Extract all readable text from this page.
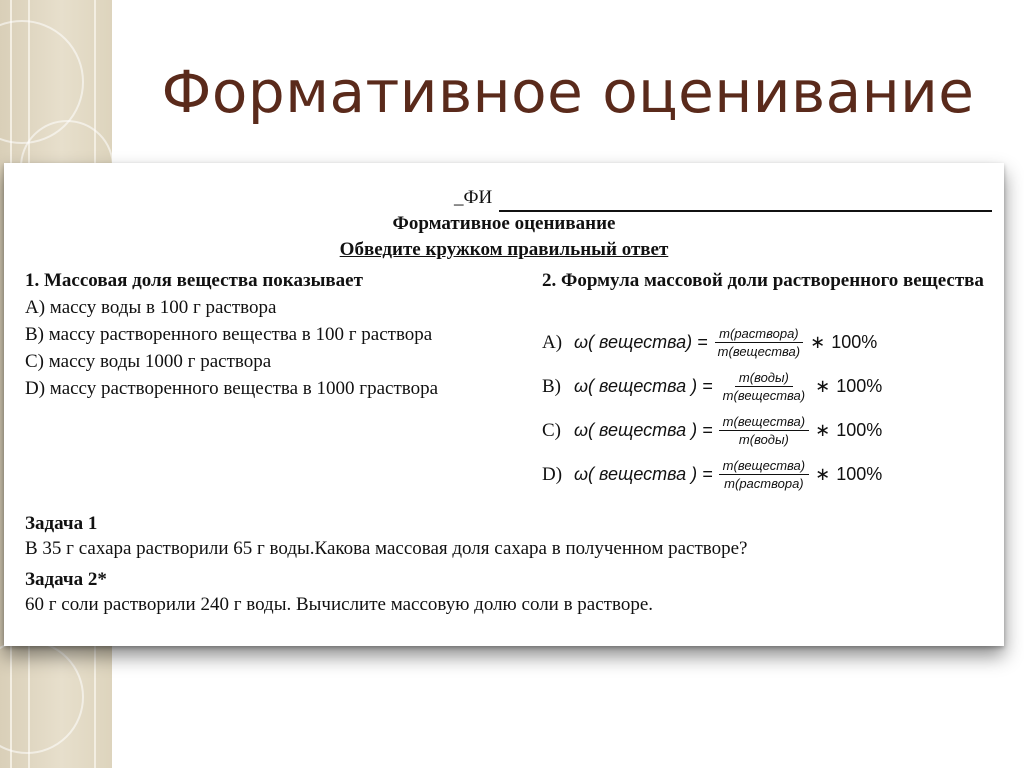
Формативное оценивание
_ФИ
Формативное оценивание
Обведите кружком правильный ответ
1. Массовая доля вещества показывает
А) массу воды в 100 г раствора
В) массу растворенного вещества в 100 г раствора
С) массу воды 1000 г раствора
D) массу растворенного вещества в 1000 граствора
2. Формула массовой доли растворенного вещества
А) ω( вещества) = $\frac{\text{m(раствора)}}{\text{m(вещества)}}$ ∗ 100%
В) ω( вещества ) = $\frac{\text{m(воды)}}{\text{m(вещества)}}$ ∗ 100%
С) ω( вещества ) = $\frac{\text{m(вещества)}}{\text{m(воды)}}$ ∗ 100%
D) ω( вещества ) = $\frac{\text{m(вещества)}}{\text{m(раствора)}}$ ∗ 100%
Задача 1
В 35 г сахара растворили 65 г воды.Какова массовая доля сахара в полученном растворе?
Задача 2*
60 г соли растворили 240 г воды. Вычислите массовую долю соли в растворе.
